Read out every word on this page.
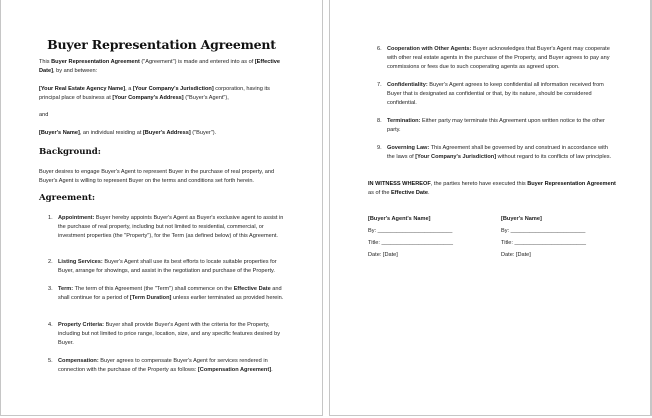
Buyer Representation Agreement
This Buyer Representation Agreement ("Agreement") is made and entered into as of [Effective Date], by and between:
[Your Real Estate Agency Name], a [Your Company's Jurisdiction] corporation, having its principal place of business at [Your Company's Address] ("Buyer's Agent"),
and
[Buyer's Name], an individual residing at [Buyer's Address] ("Buyer").
Background:
Buyer desires to engage Buyer's Agent to represent Buyer in the purchase of real property, and Buyer's Agent is willing to represent Buyer on the terms and conditions set forth herein.
Agreement:
1. Appointment: Buyer hereby appoints Buyer's Agent as Buyer's exclusive agent to assist in the purchase of real property, including but not limited to residential, commercial, or investment properties (the "Property"), for the Term (as defined below) of this Agreement.
2. Listing Services: Buyer's Agent shall use its best efforts to locate suitable properties for Buyer, arrange for showings, and assist in the negotiation and purchase of the Property.
3. Term: The term of this Agreement (the "Term") shall commence on the Effective Date and shall continue for a period of [Term Duration] unless earlier terminated as provided herein.
4. Property Criteria: Buyer shall provide Buyer's Agent with the criteria for the Property, including but not limited to price range, location, size, and any specific features desired by Buyer.
5. Compensation: Buyer agrees to compensate Buyer's Agent for services rendered in connection with the purchase of the Property as follows: [Compensation Agreement].
6. Cooperation with Other Agents: Buyer acknowledges that Buyer's Agent may cooperate with other real estate agents in the purchase of the Property, and Buyer agrees to pay any commissions or fees due to such cooperating agents as agreed upon.
7. Confidentiality: Buyer's Agent agrees to keep confidential all information received from Buyer that is designated as confidential or that, by its nature, should be considered confidential.
8. Termination: Either party may terminate this Agreement upon written notice to the other party.
9. Governing Law: This Agreement shall be governed by and construed in accordance with the laws of [Your Company's Jurisdiction] without regard to its conflicts of law principles.
IN WITNESS WHEREOF, the parties hereto have executed this Buyer Representation Agreement as of the Effective Date.
[Buyer's Agent's Name]
By: ________________________
Title: _______________________
Date: [Date]
[Buyer's Name]
By: ________________________
Title: _______________________
Date: [Date]
